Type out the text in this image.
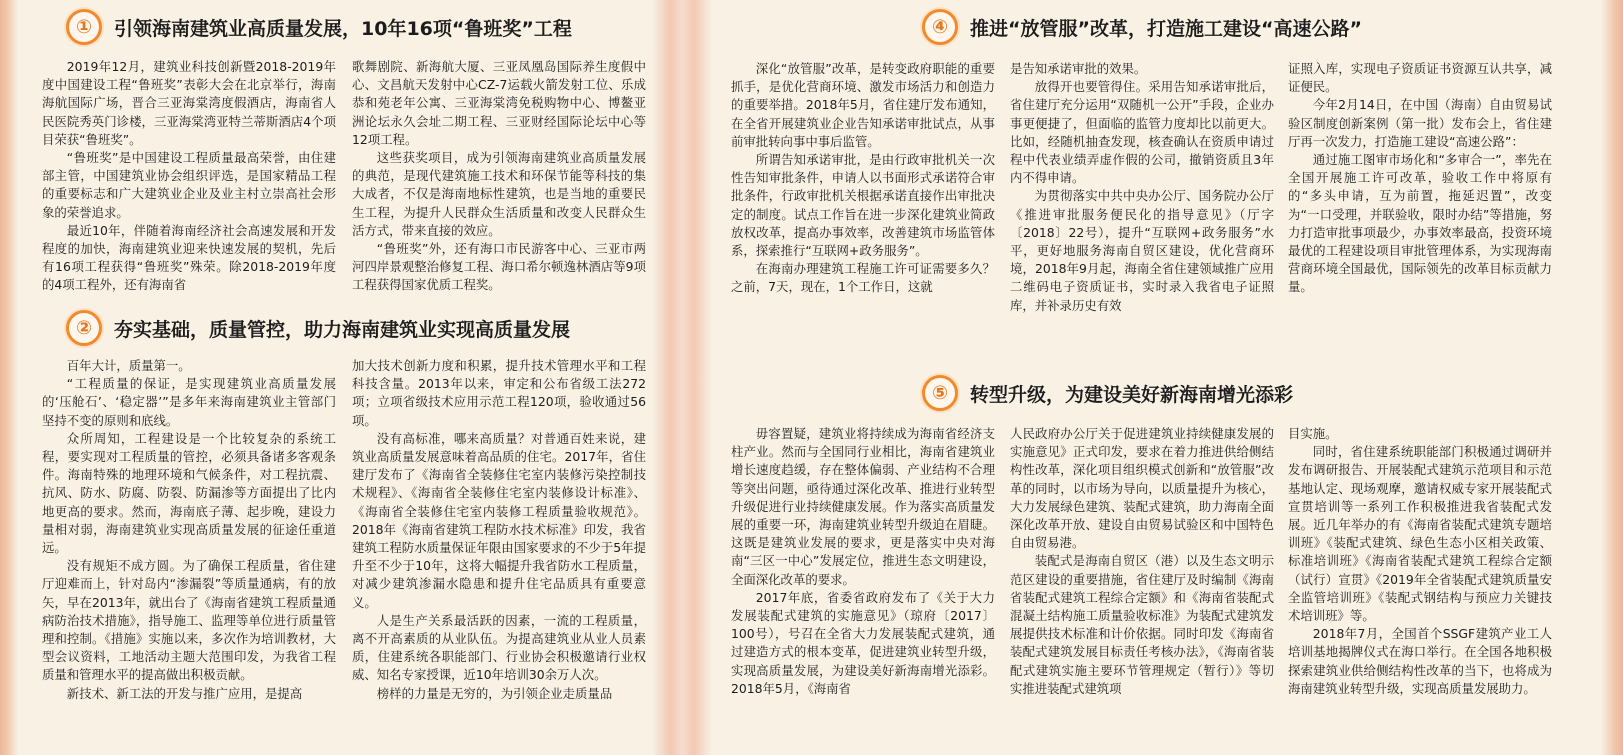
①	引领海南建筑业高质量发展，10年16项“鲁班奖”工程

2019年12月，建筑业科技创新暨2018-2019年度中国建设工程“鲁班奖”表彰大会在北京举行，海南海航国际广场，晋合三亚海棠湾度假酒店，海南省人民医院秀英门诊楼，三亚海棠湾亚特兰蒂斯酒店4个项目荣获“鲁班奖”。

“鲁班奖”是中国建设工程质量最高荣誉，由住建部主管，中国建筑业协会组织评选，是国家精品工程的重要标志和广大建筑业企业及业主村立崇高社会形象的荣誉追求。

最近10年，伴随着海南经济社会高速发展和开发程度的加快，海南建筑业迎来快速发展的契机，先后有16项工程获得“鲁班奖”殊荣。除2018-2019年度的4项工程外，还有海南省

歌舞剧院、新海航大厦、三亚凤凰岛国际养生度假中心、文昌航天发射中心CZ-7运载火箭发射工位、乐成恭和苑老年公寓、三亚海棠湾免税购物中心、博鳌亚洲论坛永久会址二期工程、三亚财经国际论坛中心等12项工程。

这些获奖项目，成为引领海南建筑业高质量发展的典范，是现代建筑施工技术和环保节能等科技的集大成者，不仅是海南地标性建筑，也是当地的重要民生工程，为提升人民群众生活质量和改变人民群众生活方式，带来直接的效应。

“鲁班奖”外，还有海口市民游客中心、三亚市两河四岸景观整治修复工程、海口希尔顿逸林酒店等9项工程获得国家优质工程奖。

②	夯实基础，质量管控，助力海南建筑业实现高质量发展

百年大计，质量第一。

“工程质量的保证，是实现建筑业高质量发展的‘压舱石’、‘稳定器’”是多年来海南建筑业主管部门坚持不变的原则和底线。

众所周知，工程建设是一个比较复杂的系统工程，要实现对工程质量的管控，必须具备诸多客观条件。海南特殊的地理环境和气候条件，对工程抗震、抗风、防水、防腐、防裂、防漏渗等方面提出了比内地更高的要求。然而，海南底子薄、起步晚，建设力量相对弱，海南建筑业实现高质量发展的征途任重道远。

没有规矩不成方圆。为了确保工程质量，省住建厅迎难而上，针对岛内“渗漏裂”等质量通病，有的放矢，早在2013年，就出台了《海南省建筑工程质量通病防治技术措施》，指导施工、监理等单位进行质量管理和控制。《措施》实施以来，多次作为培训教材，大型会议资料，工地活动主题大范围印发，为我省工程质量和管理水平的提高做出积极贡献。

新技术、新工法的开发与推广应用，是提高

加大技术创新力度和积累，提升技术管理水平和工程科技含量。2013年以来，审定和公布省级工法272项；立项省级技术应用示范工程120项，验收通过56项。

没有高标准，哪来高质量？对普通百姓来说，建筑业高质量发展意味着高品质的住宅。2017年，省住建厅发布了《海南省全装修住宅室内装修污染控制技术规程》、《海南省全装修住宅室内装修设计标准》、《海南省全装修住宅室内装修工程质量验收规范》。2018年《海南省建筑工程防水技术标准》印发，我省建筑工程防水质量保证年限由国家要求的不少于5年提升至不少于10年，这将大幅提升我省防水工程质量，对减少建筑渗漏水隐患和提升住宅品质具有重要意义。

人是生产关系最活跃的因素，一流的工程质量，离不开高素质的从业队伍。为提高建筑业从业人员素质，住建系统各职能部门、行业协会积极邀请行业权威、知名专家授课，近10年培训30余万人次。

榜样的力量是无穷的，为引领企业走质量品

④	推进“放管服”改革，打造施工建设“高速公路”

深化“放管服”改革，是转变政府职能的重要抓手，是优化营商环境、激发市场活力和创造力的重要举措。2018年5月，省住建厅发布通知，在全省开展建筑业企业告知承诺审批试点，从事前审批转向事中事后监管。

所谓告知承诺审批，是由行政审批机关一次性告知审批条件，申请人以书面形式承诺符合审批条件，行政审批机关根据承诺直接作出审批决定的制度。试点工作旨在进一步深化建筑业简政放权改革，提高办事效率，改善建筑市场监管体系，探索推行“互联网+政务服务”。

在海南办理建筑工程施工许可证需要多久？之前，7天，现在，1个工作日，这就

是告知承诺审批的效果。

放得开也要管得住。采用告知承诺审批后，省住建厅充分运用“双随机一公开”手段，企业办事更便捷了，但面临的监管力度却比以前更大。比如，经随机抽查发现，核查确认在资质申请过程中代表业绩弄虚作假的公司，撤销资质且3年内不得申请。

为贯彻落实中共中央办公厅、国务院办公厅《推进审批服务便民化的指导意见》（厅字〔2018〕22号），提升“互联网+政务服务”水平，更好地服务海南自贸区建设，优化营商环境，2018年9月起，海南全省住建领域推广应用二维码电子资质证书，实时录入我省电子证照库，并补录历史有效

证照入库，实现电子资质证书资源互认共享，减证便民。

今年2月14日，在中国（海南）自由贸易试验区制度创新案例（第一批）发布会上，省住建厅再一次发力，打造施工建设“高速公路”：

通过施工图审市场化和“多审合一”，率先在全国开展施工许可改革，验收工作中将原有的“多头申请，互为前置，拖延迟置”，改变为“一口受理，并联验收，限时办结”等措施，努力打造审批事项最少，办事效率最高，投资环境最优的工程建设项目审批管理体系，为实现海南营商环境全国最优，国际领先的改革目标贡献力量。

⑤	转型升级，为建设美好新海南增光添彩

毋容置疑，建筑业将持续成为海南省经济支柱产业。然而与全国同行业相比，海南省建筑业增长速度趋缓，存在整体偏弱、产业结构不合理等突出问题，亟待通过深化改革、推进行业转型升级促进行业持续健康发展。作为落实高质量发展的重要一环，海南建筑业转型升级迫在眉睫。这既是建筑业发展的要求，更是落实中央对海南“三区一中心”发展定位，推进生态文明建设，全面深化改革的要求。

2017年底，省委省政府发布了《关于大力发展装配式建筑的实施意见》（琼府〔2017〕100号），号召在全省大力发展装配式建筑，通过建造方式的根本变革，促进建筑业转型升级，实现高质量发展，为建设美好新海南增光添彩。2018年5月，《海南省

人民政府办公厅关于促进建筑业持续健康发展的实施意见》正式印发，要求在着力推进供给侧结构性改革，深化项目组织模式创新和“放管服”改革的同时，以市场为导向，以质量提升为核心，大力发展绿色建筑、装配式建筑，助力海南全面深化改革开放、建设自由贸易试验区和中国特色自由贸易港。

装配式是海南自贸区（港）以及生态文明示范区建设的重要措施，省住建厅及时编制《海南省装配式建筑工程综合定额》和《海南省装配式混凝土结构施工质量验收标准》为装配式建筑发展提供技术标准和计价依据。同时印发《海南省装配式建筑发展目标责任考核办法》，《海南省装配式建筑实施主要环节管理规定（暂行）》等切实推进装配式建筑项

目实施。

同时，省住建系统职能部门积极通过调研并发布调研报告、开展装配式建筑示范项目和示范基地认定、现场观摩，邀请权威专家开展装配式宣贯培训等一系列工作积极推进我省装配式发展。近几年举办的有《海南省装配式建筑专题培训班》《装配式建筑、绿色生态小区相关政策、标准培训班》《海南省装配式建筑工程综合定额（试行）宣贯》《2019年全省装配式建筑质量安全监管培训班》《装配式钢结构与预应力关键技术培训班》等。

2018年7月，全国首个SSGF建筑产业工人培训基地揭牌仪式在海口举行。在全国各地积极探索建筑业供给侧结构性改革的当下，也将成为海南建筑业转型升级，实现高质量发展助力。
